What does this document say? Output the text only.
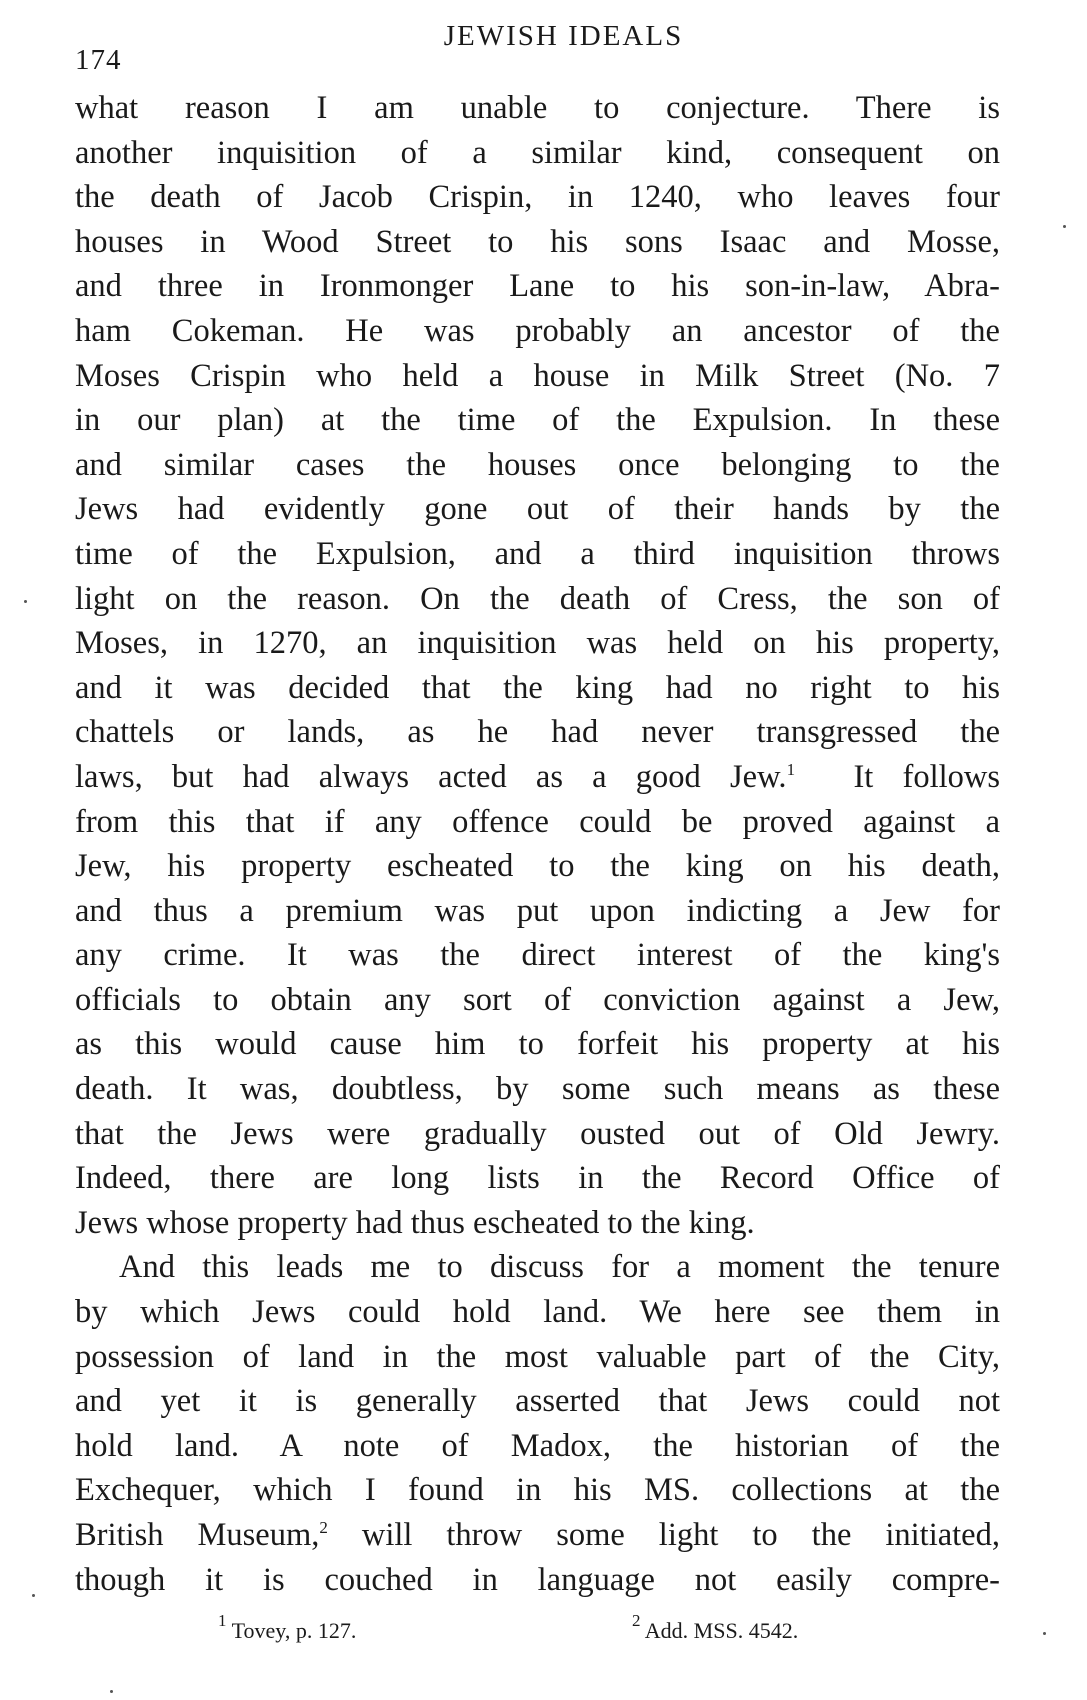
174
JEWISH IDEALS
what reason I am unable to conjecture. There is
another inquisition of a similar kind, consequent on
the death of Jacob Crispin, in 1240, who leaves four
houses in Wood Street to his sons Isaac and Mosse,
and three in Ironmonger Lane to his son-in-law, Abra-
ham Cokeman. He was probably an ancestor of the
Moses Crispin who held a house in Milk Street (No. 7
in our plan) at the time of the Expulsion. In these
and similar cases the houses once belonging to the
Jews had evidently gone out of their hands by the
time of the Expulsion, and a third inquisition throws
light on the reason. On the death of Cress, the son of
Moses, in 1270, an inquisition was held on his property,
and it was decided that the king had no right to his
chattels or lands, as he had never transgressed the
laws, but had always acted as a good Jew.$^1$  It follows
from this that if any offence could be proved against a
Jew, his property escheated to the king on his death,
and thus a premium was put upon indicting a Jew for
any crime. It was the direct interest of the king's
officials to obtain any sort of conviction against a Jew,
as this would cause him to forfeit his property at his
death. It was, doubtless, by some such means as these
that the Jews were gradually ousted out of Old Jewry.
Indeed, there are long lists in the Record Office of
Jews whose property had thus escheated to the king.
And this leads me to discuss for a moment the tenure
by which Jews could hold land. We here see them in
possession of land in the most valuable part of the City,
and yet it is generally asserted that Jews could not
hold land. A note of Madox, the historian of the
Exchequer, which I found in his MS. collections at the
British Museum,$^2$ will throw some light to the initiated,
though it is couched in language not easily compre-
$^1$ Tovey, p. 127.	$^2$ Add. MSS. 4542.
